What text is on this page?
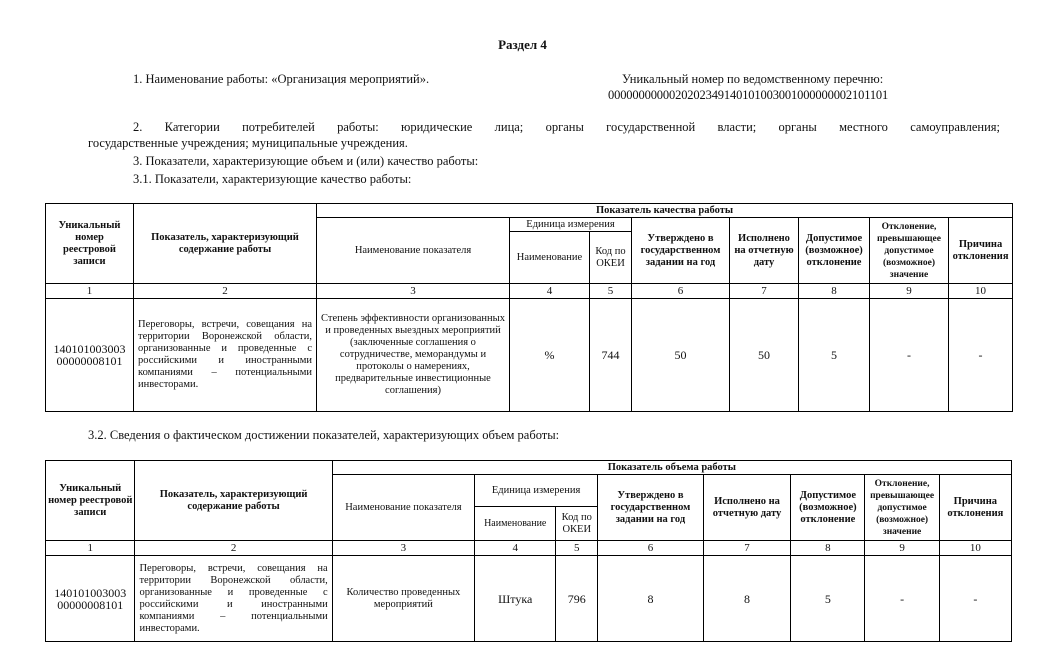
Раздел 4
1. Наименование работы: «Организация мероприятий».	Уникальный номер по ведомственному перечню:
0000000000020202349140101003001000000002101101
2. Категории потребителей работы: юридические лица; органы государственной власти; органы местного самоуправления;
государственные учреждения; муниципальные учреждения.
3. Показатели, характеризующие объем и (или) качество работы:
3.1. Показатели, характеризующие качество работы:
Уникальный номер реестровой записи	Показатель, характеризующий содержание работы	Показатель качества работы							
		Наименование показателя	Единица измерения		Утверждено в государственном задании на год	Исполнено на отчетную дату	Допустимое (возможное) отклонение	Отклонение, превышающее допустимое (возможное) значение	Причина отклонения
			Наименование	Код по ОКЕИ					
1	2	3	4	5	6	7	8	9	10
140101003003 00000008101	Переговоры, встречи, совещания на территории Воронежской области, организованные и проведенные с российскими и иностранными компаниями – потенциальными инвесторами.	Степень эффективности организованных и проведенных выездных мероприятий (заключенные соглашения о сотрудничестве, меморандумы и протоколы о намерениях, предварительные инвестиционные соглашения)	%	744	50	50	5	-	-
3.2. Сведения о фактическом достижении показателей, характеризующих объем работы:
Уникальный номер реестровой записи	Показатель, характеризующий содержание работы	Показатель объема работы							
		Наименование показателя	Единица измерения		Утверждено в государственном задании на год	Исполнено на отчетную дату	Допустимое (возможное) отклонение	Отклонение, превышающее допустимое (возможное) значение	Причина отклонения
			Наименование	Код по ОКЕИ					
1	2	3	4	5	6	7	8	9	10
140101003003 00000008101	Переговоры, встречи, совещания на территории Воронежской области, организованные и проведенные с российскими и иностранными компаниями – потенциальными инвесторами.	Количество проведенных мероприятий	Штука	796	8	8	5	-	-
